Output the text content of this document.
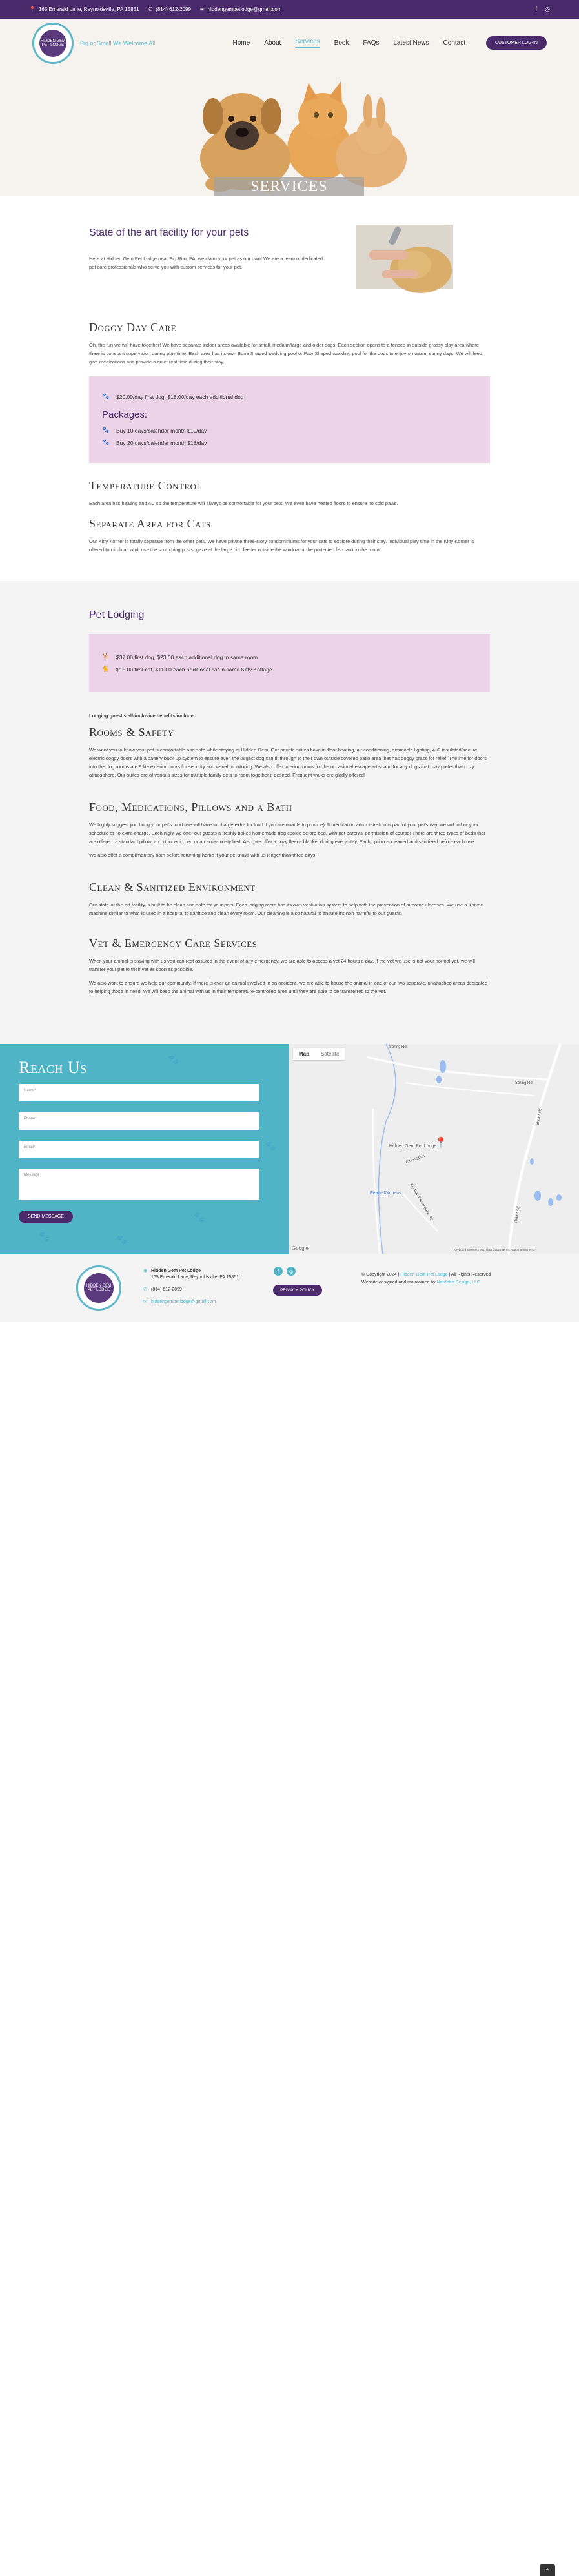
📍 165 Emerald Lane, Reynoldsville, PA 15851 ✆ (814) 612-2099 ✉ hiddengempetlodge@gmail.com	f ◎
HIDDEN GEM PET LODGE	Big or Small We Welcome All	Home About Services Book FAQs Latest News Contact	CUSTOMER LOG-IN
SERVICES
State of the art facility for your pets

Here at Hidden Gem Pet Lodge near Big Run, PA, we claim your pet as our own! We are a team of dedicated pet care professionals who serve you with custom services for your pet.

Doggy Day Care

Oh, the fun we will have together! We have separate indoor areas available for small, medium/large and older dogs. Each section opens to a fenced in outside grassy play area where there is constant supervision during play time. Each area has its own Bone Shaped wadding pool or Paw Shaped wadding pool for the dogs to enjoy on warm, sunny days! We will feed, give medications and provide a quiet rest time during their stay.

🐾 $20.00/day first dog, $18.00/day each additional dog
Packages:
🐾 Buy 10 days/calendar month $19/day
🐾 Buy 20 days/calendar month $18/day
Temperature Control

Each area has heating and AC so the temperature will always be comfortable for your pets. We even have heated floors to ensure no cold paws.

Separate Area for Cats

Our Kitty Korner is totally separate from the other pets. We have private three-story condominiums for your cats to explore during their stay. Individual play time in the Kitty Korner is offered to climb around, use the scratching posts, gaze at the large bird feeder outside the window or the protected fish tank in the room!

Pet Lodging
🐕 $37.00 first dog, $23.00 each additional dog in same room
🐈 $15.00 first cat, $11.00 each additional cat in same Kitty Kottage

Lodging guest's all-inclusive benefits include:

Rooms & Safety

We want you to know your pet is comfortable and safe while staying at Hidden Gem. Our private suites have in-floor heating, air conditioning, dimmable lighting, 4×2 insulated/secure electric doggy doors with a battery back up system to ensure even the largest dog can fit through to their own outside covered patio area that has doggy grass for relief! The interior doors into the dog rooms are 9 lite exterior doors for security and visual monitoring. We also offer interior rooms for the occasional escape artist and for any dogs that may prefer that cozy atmosphere. Our suites are of various sizes for multiple family pets to room together if desired. Frequent walks are gladly offered!

Food, Medications, Pillows and a Bath

We highly suggest you bring your pet's food (we will have to charge extra for food if you are unable to provide). If medication administration is part of your pet's day, we will follow your schedule at no extra charge. Each night we offer our guests a freshly baked homemade dog cookie before bed, with pet parents' permission of course! There are three types of beds that are offered: a standard pillow, an orthopedic bed or an anti-anxiety bed. Also, we offer a cozy fleece blanket during every stay. Each option is cleaned and sanitized before each use.

We also offer a complimentary bath before returning home if your pet stays with us longer than three days!

Clean & Sanitized Environment

Our state-of-the-art facility is built to be clean and safe for your pets. Each lodging room has its own ventilation system to help with the prevention of airborne illnesses. We use a Kaivac machine similar to what is used in a hospital to sanitize and clean every room. Our cleaning is also natural to ensure it's non harmful to our guests.

Vet & Emergency Care Services

When your animal is staying with us you can rest assured in the event of any emergency, we are able to access a vet 24 hours a day. If the vet we use is not your normal vet, we will transfer your pet to their vet as soon as possible.

We also want to ensure we help our community. If there is ever an animal involved in an accident, we are able to house the animal in one of our two separate, unattached areas dedicated to helping those in need. We will keep the animal with us in their temperature-controlled area until they are able to be transferred to the vet.

🐾
🐾
🐾
🐾
🐾
Reach Us
Name*
Phone*
Email*
Message
SEND MESSAGE
Map	Satellite
Spring Rd
Spring Rd
Shafer Rd
Emerald Ln
Big Run Prescottville Rd	Shafer Rd
Hidden Gem Pet Lodge
📍
Peace Kitchens
Google	Keyboard shortcuts Map data ©2024 Terms Report a map error
HIDDEN GEM PET LODGE
◉ Hidden Gem Pet Lodge
165 Emerald Lane, Reynoldsville, PA 15851
✆ (814) 612-2099
✉ hiddengempetlodge@gmail.com
f	◎
PRIVACY POLICY
© Copyright 2024 | Hidden Gem Pet Lodge | All Rights Reserved
Website designed and maintained by Nerdette Design, LLC
⌃
